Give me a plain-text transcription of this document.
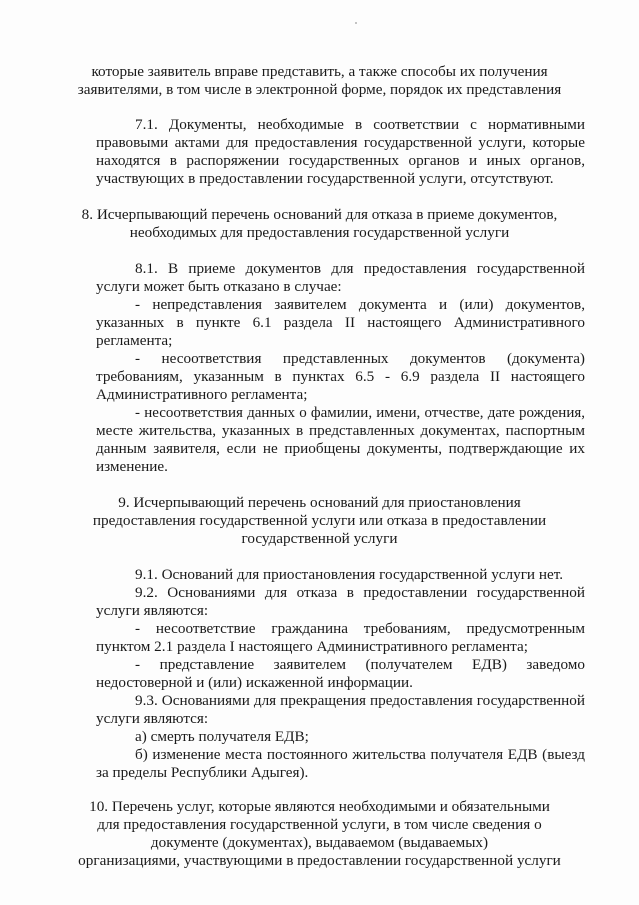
которые заявитель вправе представить, а также способы их получения

заявителями, в том числе в электронной форме, порядок их представления

7.1. Документы, необходимые в соответствии с нормативными

правовыми актами для предоставления государственной услуги, которые

находятся в распоряжении государственных органов и иных органов,

участвующих в предоставлении государственной услуги, отсутствуют.

8. Исчерпывающий перечень оснований для отказа в приеме документов,

необходимых для предоставления государственной услуги

8.1. В приеме документов для предоставления государственной

услуги может быть отказано в случае:

- непредставления заявителем документа и (или) документов,

указанных в пункте 6.1 раздела II настоящего Административного

регламента;

- несоответствия представленных документов (документа)

требованиям, указанным в пунктах 6.5 - 6.9 раздела II настоящего

Административного регламента;

- несоответствия данных о фамилии, имени, отчестве, дате рождения,

месте жительства, указанных в представленных документах, паспортным

данным заявителя, если не приобщены документы, подтверждающие их

изменение.

9. Исчерпывающий перечень оснований для приостановления

предоставления государственной услуги или отказа в предоставлении

государственной услуги

9.1. Оснований для приостановления государственной услуги нет.

9.2. Основаниями для отказа в предоставлении государственной

услуги являются:

- несоответствие гражданина требованиям, предусмотренным

пунктом 2.1 раздела I настоящего Административного регламента;

- представление заявителем (получателем ЕДВ) заведомо

недостоверной и (или) искаженной информации.

9.3. Основаниями для прекращения предоставления государственной

услуги являются:

а) смерть получателя ЕДВ;

б) изменение места постоянного жительства получателя ЕДВ (выезд

за пределы Республики Адыгея).

10. Перечень услуг, которые являются необходимыми и обязательными

для предоставления государственной услуги, в том числе сведения о

документе (документах), выдаваемом (выдаваемых)

организациями, участвующими в предоставлении государственной услуги
